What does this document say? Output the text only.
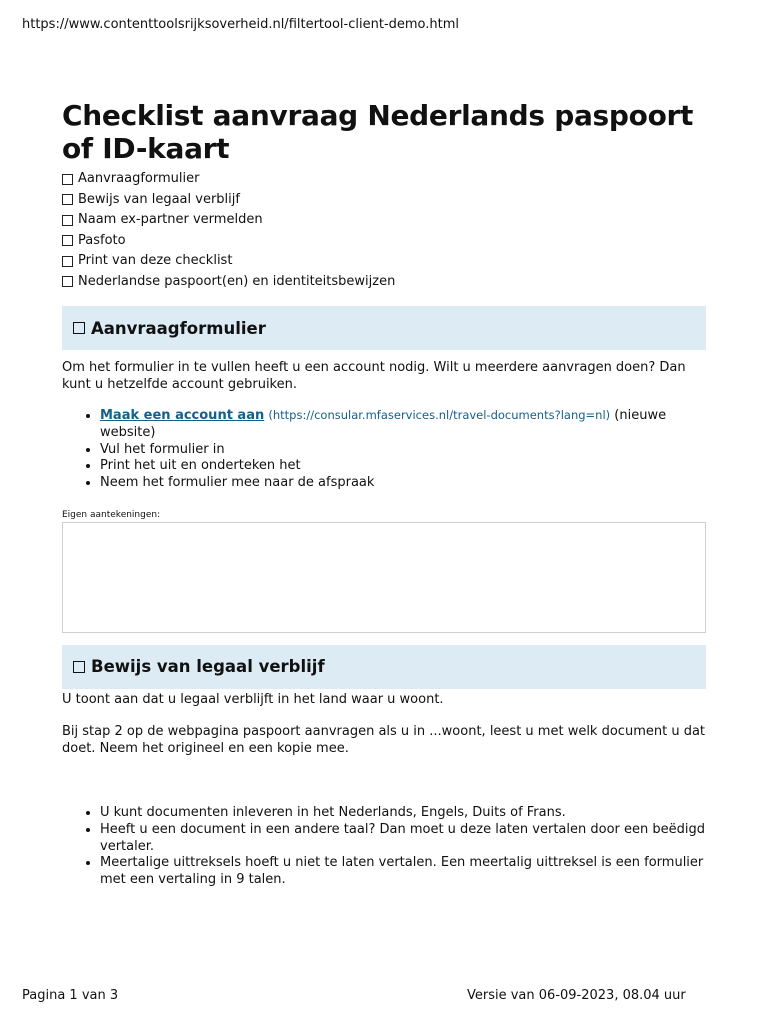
https://www.contenttoolsrijksoverheid.nl/filtertool-client-demo.html
Checklist aanvraag Nederlands paspoort of ID-kaart
Aanvraagformulier
Bewijs van legaal verblijf
Naam ex-partner vermelden
Pasfoto
Print van deze checklist
Nederlandse paspoort(en) en identiteitsbewijzen
Aanvraagformulier

Om het formulier in te vullen heeft u een account nodig. Wilt u meerdere aanvragen doen? Dan kunt u hetzelfde account gebruiken.

• Maak een account aan (https://consular.mfaservices.nl/travel-documents?lang=nl) (nieuwe website)
• Vul het formulier in
• Print het uit en onderteken het
• Neem het formulier mee naar de afspraak
Eigen aantekeningen:
Bewijs van legaal verblijf

U toont aan dat u legaal verblijft in het land waar u woont.

Bij stap 2 op de webpagina paspoort aanvragen als u in ...woont, leest u met welk document u dat doet. Neem het origineel en een kopie mee.

• U kunt documenten inleveren in het Nederlands, Engels, Duits of Frans.
• Heeft u een document in een andere taal? Dan moet u deze laten vertalen door een beëdigd vertaler.
• Meertalige uittreksels hoeft u niet te laten vertalen. Een meertalig uittreksel is een formulier met een vertaling in 9 talen.
Pagina 1 van 3	Versie van 06-09-2023, 08.04 uur
